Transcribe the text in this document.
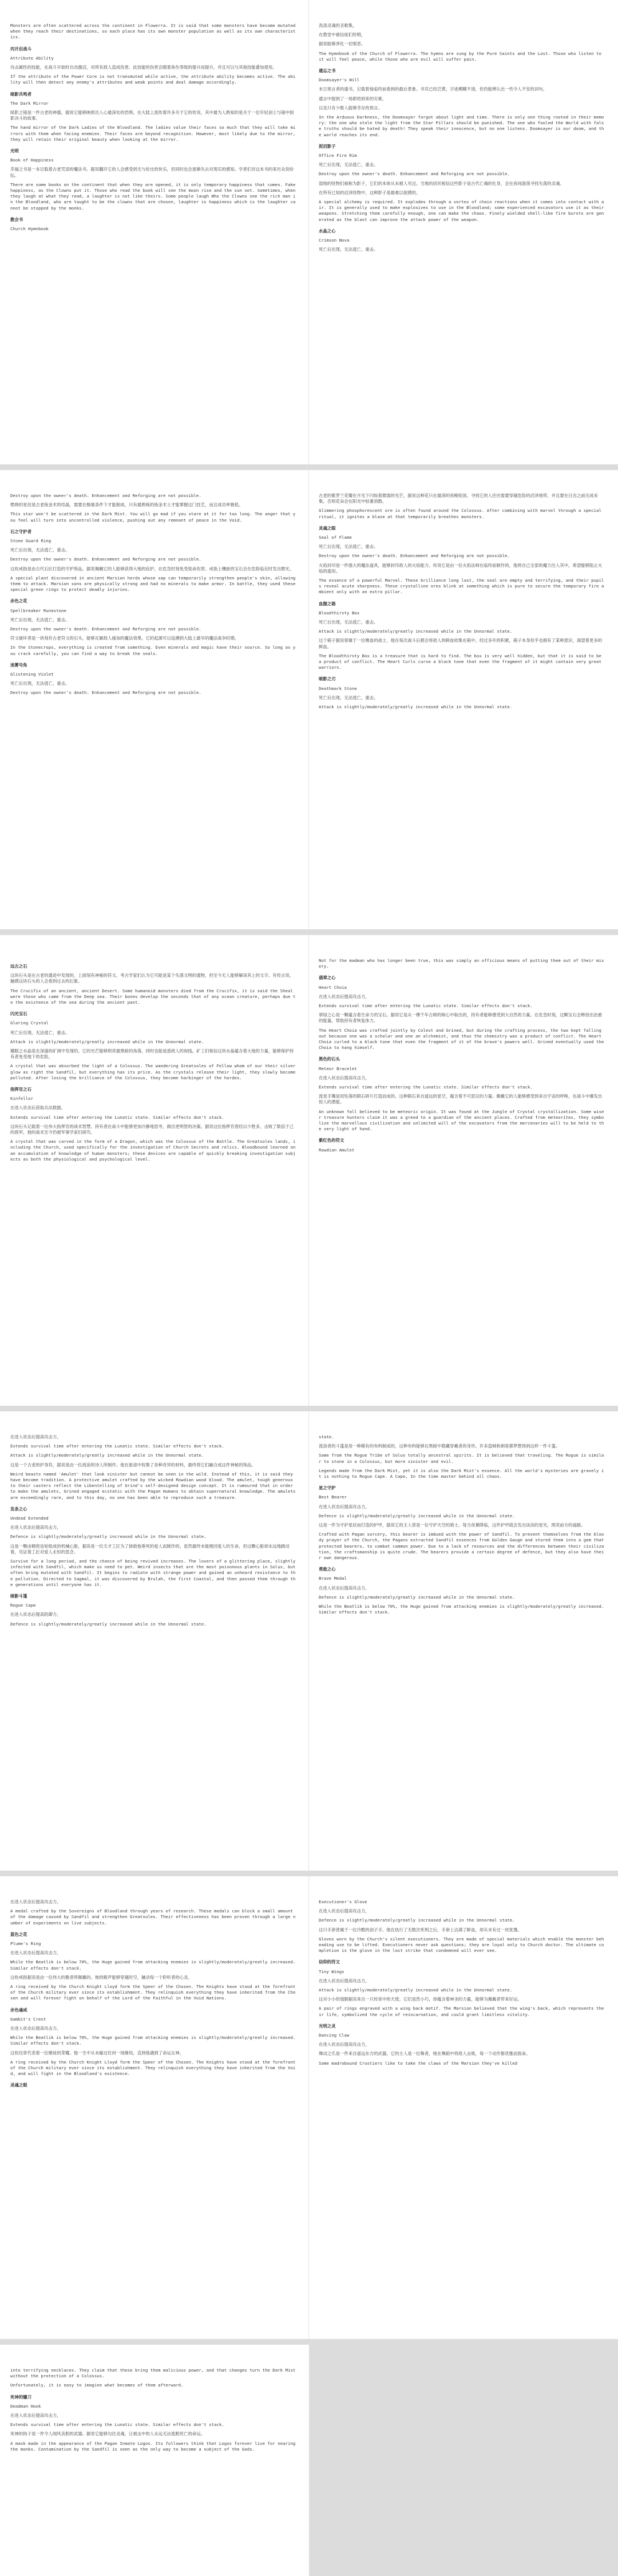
Monsters are often scattered across the continent in Flowerra. It is said that some monsters have become mutated when they reach their destinations, so each place has its own monster population as well as its own characteristics.

丙开启战斗

Attribute Ability

攻击属性的技能，在战斗开始时自动激活，对所有敌人造成伤害。此技能的伤害会随着角色等级的提升而提升，并且可以与其他技能叠加使用。

If the attribute of the Power Core is not transmuted while active, the attribute ability becomes active. The ability will then detect any enemy's attributes and weak points and deal damage accordingly.

暗影共鸣者

The Dark Mirror

暗影之镜是一件古老的神器，据说它能够映照出人心最深处的恐惧。在大陆上流传着许多关于它的传说，其中最为人熟知的是关于一位年轻剑士与镜中倒影决斗的故事。

The hand mirror of the Dark Ladies of the Bloodland. The ladies value their faces so much that they will take mirrors with them when facing enemies. Their faces are beyond recognition. However, most likely due to the mirror, they will retain their original beauty when looking at the mirror.

光明

Book of Happiness

幸福之书是一本记载着古老咒语的魔法书。据说翻开它的人会感受到无与伦比的快乐，但同时也会逐渐失去对现实的感知。学者们对这本书的来历众说纷纭。

There are some books on the continent that when they are opened, it is only temporary happiness that comes. Fake happiness, as the Clowns put it. Those who read the book will see the moon rise and the sun set. Sometimes, when they laugh at what they read, a laughter is not like theirs. Some people laugh Who the Clowns see the rich man in the Bloodland, who are taught to be the clowns that are chosen, laughter is happiness which is the laughter cannot be stopped by the monks.

教会书

Church Hymnbook

洗涤灵魂的圣歌集，

在教堂中被信徒们传唱，

据说能够净化一切邪恶。

The Hymnbook of the Church of Flowerra. The hymns are sung by the Pure Saints and the Lost. Those who listen to it will feel peace, while those who are evil will suffer pain.

遗忘之书

Doomsayer's Will

末日预言者的遗书，记载着他临终前看到的最后景象。书页已经泛黄，字迹模糊不清，但仍能辨认出一些令人不安的词句。

遗言中提到了一场即将到来的灾难，

以及只有少数人能够幸存的预言。

In the Arduous Darkness, the Doomsayer forgot about light and time. There is only one thing rooted in their memory: the one who stole the light from the Star Pillars should be punished. The one who fooled the World with false truths should be hated by death! They speak their innocence, but no one listens. Doomsayer is our doom, and the world reaches its end.

泥沼影子

Office Fire Rim

死亡后出现，无法逃亡，重击。

Destroy upon the owner's death. Enhancement and Reforging are not possible.

湿地的怪物们被称为影子，它们的本体从未被人见过。当地的居民相信这些影子是古代亡魂的化身，会在夜间游荡寻找失落的灵魂。

在所有已知的沼泽怪物中，这种影子是最难以捉摸的。

A special alchemy is required. It explodes through a vortex of chain reactions when it comes into contact with air. It is generally used to make explosives to use in the Bloodland; some experienced excavators use it as their weapons. Stretching them carefully enough, one can make the chaos. Finely wielded shell-like fire bursts are generated as the blast can improve the attack power of the weapon.

水晶之心

Crimson Nova

死亡后出现，无法逃亡，重击。

Destroy upon the owner's death. Enhancement and Reforging are not possible.

燃烧的星辰是古老炼金术的结晶，需要在极端条件下才能制成。只有最熟练的炼金术士才能掌握这门技艺，而且成功率极低。

This star won't be scattered in the Dark Mist. You will go mad if you stare at it for too long. The anger that you feel will turn into uncontrolled violence, pushing out any remnant of peace in the Void.

石之守护者

Stone Guard Ring

死亡后出现，无法逃亡，重击。

Destroy upon the owner's death. Enhancement and Reforging are not possible.

这枚戒指是由古代石匠打造的守护饰品。据说佩戴它的人能够获得大地的庇护，在危急时刻免受致命伤害。戒指上镶嵌的宝石会在危险临近时发出微光。

A special plant discovered in ancient Marsion herds whose sap can temporarily strengthen people's skin, allowing them to attack. Marsion sons are physically strong and had no minerals to make armor. In battle, they used these special green rings to protect deadly injuries.

赤色之花

Spellbreaker Runestone

死亡后出现，无法逃亡，重击。

Destroy upon the owner's death. Enhancement and Reforging are not possible.

符文破坏者是一块刻有古老符文的石头，能够瓦解敌人施加的魔法效果。它的起源可以追溯到大陆上最早的魔法战争时期。

In the Stonecrops, everything is created from something. Even minerals and magic have their source. So long as you crack carefully, you can find a way to break the seals.

迷雾号角

Glistening Violet

死亡后出现，无法逃亡，重击。

Destroy upon the owner's death. Enhancement and Reforging are not possible.

古老的紫罗兰花瓣在月光下闪烁着微弱的光芒，据说这种花只在最深的夜晚绽放。寻找它的人往往需要穿越危险的沼泽地带，并且要在日出之前完成采集，否则花朵会在阳光中枯萎消散。

Glimmering phosphorescent ore is often found around the Colossus. After combining with marvel through a special ritual, it ignites a blaze at that temporarily breathes monsters.

灵魂之眼

Seal of Flame

死亡后出现，无法逃亡，重击。

Destroy upon the owner's death. Enhancement and Reforging are not possible.

火焰封印是一件强大的魔法道具，能够封印敌人的火焰能力。传说它是由一位火焰法师在临终前制作的，他将自己全部的魔力注入其中，希望能够阻止火焰的滥用。

The essence of a powerful Marvel. These brilliance long last, the seal are empty and terrifying, and their pupils reveal acute sharpness. These crystalline ores blink at something which is pure to secure the temporary fire ambient only with an extra pillar.

血腥之箱

Bloodthirsty Box

死亡后出现，无法逃亡，重击。

Attack is slightly/moderately/greatly increased while in the Unnormal state.

这个箱子据说曾属于一位嗜血的战士，他在每次战斗后都会将敌人的鲜血收集在箱中。经过多年的积累，箱子本身似乎也拥有了某种意识，渴望着更多的鲜血。

The Bloodthirsty Box is a treasure that is hard to find. The box is very well hidden, but that it is said to be a product of conflict. The Heart Curls curse a black tone that even the fragment of it might contain very great warriors.

暗影之刃

Deathmark Stone

死亡后出现，无法逃亡，重击。

Attack is slightly/moderately/greatly increased while in the Unnormal state.

远古之石

这块石头是在古老的遗迹中发现的，上面刻有神秘的符文。考古学家们认为它可能是某个失落文明的遗物，但至今无人能够解读其上的文字。有传言说，触摸这块石头的人会看到过去的幻象。

The Crucifix of an ancient, ancient Desert. Some humanoid monsters died from the Crucifix, it is said the Sheal were those who came from the Deep sea. Their bones develop the seconds that of any ocean creature, perhaps due to the existence of the sea during the ancient past.

闪光宝石

Glaring Crystal

死亡后出现，无法逃亡，重击。

Attack is slightly/moderately/greatly increased while in the Unnormal state.

耀眼之水晶是在深邃的矿洞中发现的。它的光芒能够照亮最黑暗的角落，同时也能迷惑敌人的视线。矿工们相信这块水晶蕴含着大地的力量，能够保护持有者免受地下的危险。

A crystal that was absorbed the light of a Colossus. The wandering Greatsoles of Fellow whom of our their silver glow as right the Sandfil, but everything has its price. As the crystals release their light, they slowly become polluted. After losing the brilliance of the Colossus, they become harbinger of the hordes.

指挥官之石

Kinfellor

在进入状态后获取兵法数据，

Extends survival time after entering the Lunatic state. Similar effects don't stack.

这块石头记载着一位伟大指挥官的战术智慧。持有者在战斗中能够更加冷静地思考，做出更明智的决策。据说这位指挥官曾经以少胜多，击败了数倍于己的敌军，他的战术至今仍被军事学家们研究。

A crystal that was carved in the form of a Dragon, which was the Colossus of the Battle. The Greatsoles lands, including the Church, used specifically for the investigation of Church Secrets and relics. Bloodbound learned on an accumulation of knowledge of human monsters; these devices are capable of quickly breaking investigation subjects as both the physiological and psychological level.

Not for the madman who has longer been true, this was simply an officious means of putting them out of their misery.

翡翠之心

Heart Choia

在进入状态后提高攻击力，

Extends survival time after entering the Lunatic state. Similar effects don't stack.

翠绿之心是一颗蕴含着生命力的宝石。据说它是从一棵千年古树的树心中取出的，持有者能够感受到大自然的力量。在危急时刻，这颗宝石会释放出治愈的能量，帮助持有者恢复体力。

The Heart Choia was crafted jointly by Colest and Grined, but during the crafting process, the two kept falling out because one was a scholar and one an alchemist, and thus the chemistry was a product of conflict. The Heart Choia curled to a black tone that even the fragment of it of the brave's powers well. Grined eventually used the Choia to hang himself.

黑色的石头

Meteor Bracelet

在进入状态后提高攻击力，

Extends survival time after entering the Lunatic state. Similar effects don't stack.

流星手镯是用坠落的陨石碎片打造而成的。这种陨石来自遥远的星空，蕴含着不可思议的力量。佩戴它的人能够感受到来自宇宙的呼唤，在战斗中爆发出惊人的潜能。

An unknown fall believed to be meteoric origin. It was found at the Jungle of Crystal crystallization. Some wiser treasure hunters claim it was a greed to a guardian of the ancient places. Crafted from meteorites, they symbolize the marvellous civilization and unlimited will of the excavators from the mercenaries will to be held to the very light of hand.

紫红色的符文

Rowdian Amulet

在进入状态后提高攻击力，

Extends survival time after entering the Lunatic state. Similar effects don't stack.

Attack is slightly/moderately/greatly increased while in the Unnormal state.

这是一个古老的护身符，据说是由一位流浪的诗人所制作。他在旅途中收集了各种奇异的材料，最终将它们融合成这件神秘的饰品。

Weird beasts named 'Amulet' that look sinister but cannot be seen in the wild. Instead of this, it is said they have become tradition. A protective amulet crafted by the wicked Rowdian wood blood. The amulet, tough generous to their casters reflect the Libentelling of Grind's self-designed design concept. It is rumoured that in order to make the amulets, Grined engaged ecstatic with the Pagan Humans to obtain supernatural knowledge. The amulets are exceedingly rare, and to this day, no one has been able to reproduce such a treasure.

发条之心

Undead Extended

在进入状态后提高攻击力，

Defence is slightly/moderately/greatly increased while in the Unnormal state.

这是一颗由精密齿轮组成的机械心脏，据说是一位天才工匠为了拯救他垂死的爱人而制作的。虽然最终未能挽回爱人的生命，但这颗心脏却永远地跳动着，见证着工匠对爱人永恒的思念。

Survive for a long period, and the chance of being revived increases. The lovers of a glittering place, slightly infected with Sandfil, which make us need to pet. Weird insects that are the most poisonous plants in Solus, but often bring mutated with Sandfil. It begins to radiate with strange power and gained an unheard resistance to the pollution. Directed to Sagmal, it was discovered by Brulah, the first Coastal, and then passed them through the generations until everyone has it.

暗影斗篷

Rogue Cape

在进入状态后提高防御力，

Defence is slightly/moderately/greatly increased while in the Unnormal state.

state.

流浪者的斗篷是用一种稀有的布料制成的，这种布料能够在黑暗中隐藏穿戴者的身形。许多盗贼和刺客都梦想得到这样一件斗篷。

Some from the Rogue Tribe of Solus totally ancestral spirits. It is believed that traveling. The Rogue is similar to stone in a Colossus, but more sinister and evil.

Legends made from the Dark Mist, yet it is also the Dark Mist's essence. All the world's mysteries are gravely it is nothing to Rogue Cape. A Cape, In the time master behind all chaos.

星之守护

Best Bearer

在进入状态后提高攻击力，

Defence is slightly/moderately/greatly increased while in the Unnormal state.

这是一件为守护星辰而打造的护甲，据说它的主人曾是一位守护天空的骑士。每当夜幕降临，这件护甲就会发出淡淡的星光，照亮前方的道路。

Crafted with Pagan sorcery, this bearer is imbued with the power of Sandfil. To prevent themselves from the bloody prayer of the Church, the Pagans extracted Sandfil essences from Golden Gauge and stored them into a gem that protected bearers, to combat common power. Due to a lack of resources and the differences between their civilization, the craftsmanship is quite crude. The bearers provide a certain degree of defence, but they also have their own dangerous.

勇敢之心

Brave Medal

在进入状态后提高攻击力，

Defence is slightly/moderately/greatly increased while in the Unnormal state.

While the Beatlik is below 70%, the Huge gained from attacking enemies is slightly/moderately/greatly increased. Similar effects don't stack.

在进入状态后提高攻击力，

A medal crafted by the Sovereigns of Bloodland through years of research. These medals can block a small amount of the damage caused by Sandfil and strengthen Greatsoles. Their effectiveness has been proven through a large number of experiments on live subjects.

蓝色之花

Plume's Ring

在进入状态后提高攻击力，

While the Beatlik is below 70%, the Huge gained from attacking enemies is slightly/moderately/greatly increased. Similar effects don't stack.

这枚戒指据说是由一位伟大的歌者所佩戴的。她的歌声能够穿越时空，触动每一个聆听者的心灵。

A ring received by the Church Knight Lloyd form the Speer of the Chosen. The Knights have stood at the forefront of the Church military ever since its establishment. They relinquish everything they have inherited from the Chosen and will forever fight on behalf of the Lord of the Faithful in the Void Nations.

赤色魂戒

Gambit's Crest

在进入状态后提高攻击力，

While the Beatlik is below 70%, the Huge gained from attacking enemies is slightly/moderately/greatly increased. Similar effects don't stack.

这枚纹章代表着一位赌徒的荣耀。他一生中从未输过任何一场赌局，直到他遇到了命运女神。

A ring received by the Church Knight Lloyd form the Speer of the Chosen. The Knights have stood at the forefront of the Church military ever since its establishment. They relinquish everything they have inherited from the Void, and will fight in the Bloodland's existence.

灵魂之眼

Executioner's Glove

在进入状态后提高攻击力，

Defence is slightly/moderately/greatly increased while in the Unnormal state.

这只手套曾属于一位冷酷的刽子手。他在执行了无数次死刑之后，手套上沾满了鲜血，却从未有过一丝犹豫。

Gloves worn by the Church's silent executioners. They are made of special materials which enable the monster beheading use to be lifted. Executioners never ask questions; they are loyal only to Church doctor. The ultimate completion is the glove in the last strike that condemned will ever see.

信仰的符文

Tiny Wings

在进入状态后提高攻击力，

Attack is slightly/moderately/greatly increased while in the Unnormal state.

这对小小的翅膀据说来自一只传说中的天使。它们虽然小巧，却蕴含着神圣的力量，能够为佩戴者带来好运。

A pair of rings engraved with a wing back motif. The Marsion believed that the wing's back, which represents their life, symbolized the cycle of reincarnation, and could grant limitless vitality.

光明之灵

Dancing Claw

在进入状态后提高攻击力，

舞动之爪是一件来自遥远东方的武器。它的主人是一位舞者，她在舞蹈中将敌人击败，每一个动作都优雅而致命。

Some madrobound Crustiers like to take the claws of the Marsion they've killed

into terrifying necklaces. They claim that these bring them malicious power, and that changes turn the Dark Mist without the protection of a Colossus.

Unfortunately, it is easy to imagine what becomes of them afterward.

死神的镰刀

Deadman Hook

在进入状态后提高攻击力，

Extends survival time after entering the Lunatic state. Similar effects don't stack.

死神的钩子是一件令人闻风丧胆的武器。据说它能够勾住灵魂，让被击中的人永远无法逃脱死亡的命运。

A mask made in the appearance of the Pagan Inmate Logos. Its followers think that Logos forever live for nearing the monks. Contamination by the Sandfil is seen as the only way to become a subject of the Gods.
